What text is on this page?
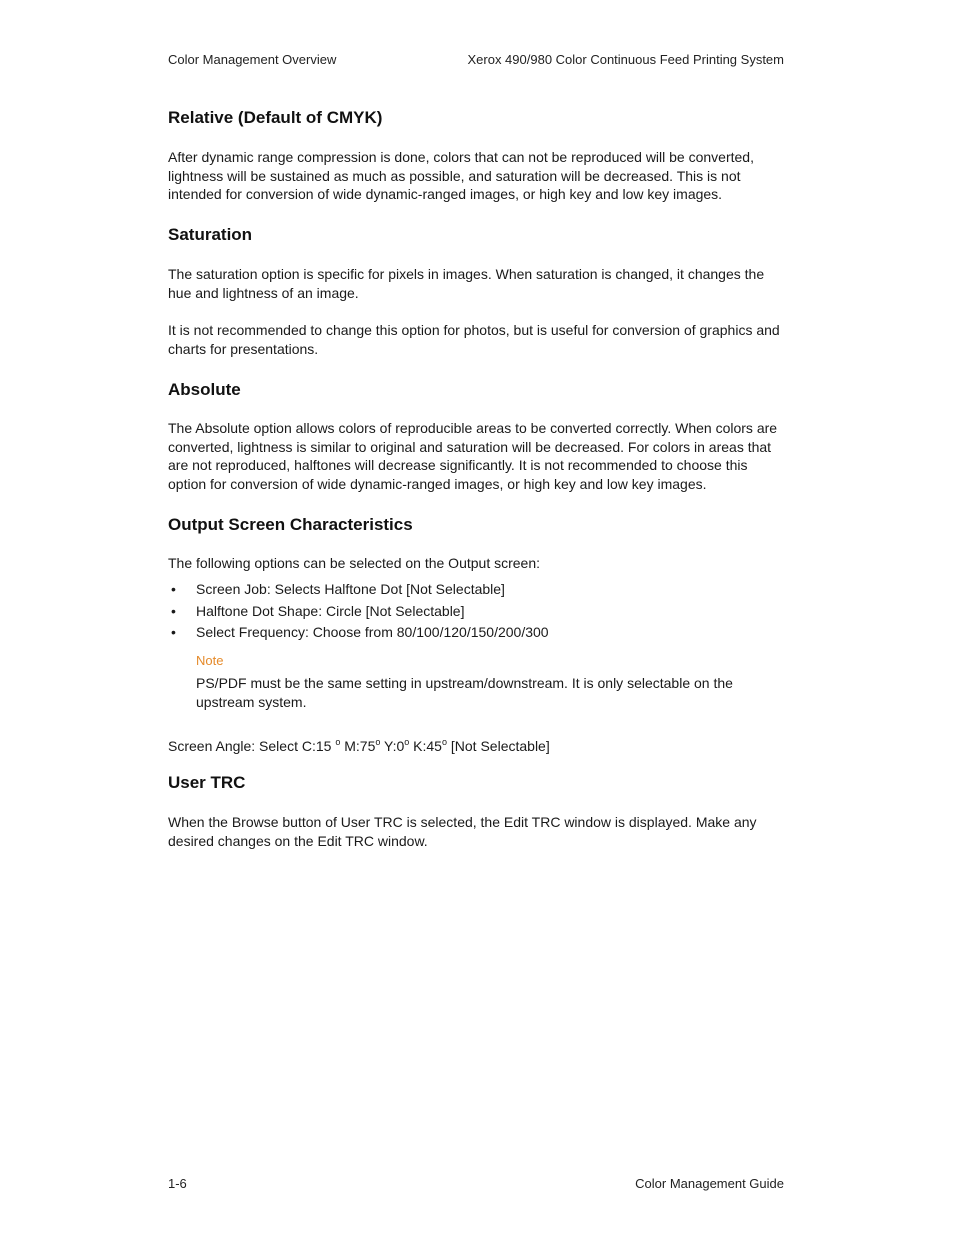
Color Management Overview	Xerox 490/980 Color Continuous Feed Printing System
Relative (Default of CMYK)

After dynamic range compression is done, colors that can not be reproduced will be converted, lightness will be sustained as much as possible, and saturation will be decreased. This is not intended for conversion of wide dynamic-ranged images, or high key and low key images.

Saturation

The saturation option is specific for pixels in images. When saturation is changed, it changes the hue and lightness of an image.

It is not recommended to change this option for photos, but is useful for conversion of graphics and charts for presentations.

Absolute

The Absolute option allows colors of reproducible areas to be converted correctly. When colors are converted, lightness is similar to original and saturation will be decreased. For colors in areas that are not reproduced, halftones will decrease significantly. It is not recommended to choose this option for conversion of wide dynamic-ranged images, or high key and low key images.

Output Screen Characteristics

The following options can be selected on the Output screen:

• Screen Job: Selects Halftone Dot [Not Selectable]
• Halftone Dot Shape: Circle [Not Selectable]
• Select Frequency: Choose from 80/100/120/150/200/300
Note

PS/PDF must be the same setting in upstream/downstream. It is only selectable on the upstream system.

Screen Angle: Select C:15 $^o$ M:75$^o$ Y:0$^o$ K:45$^o$ [Not Selectable]

User TRC

When the Browse button of User TRC is selected, the Edit TRC window is displayed. Make any desired changes on the Edit TRC window.

1-6	Color Management Guide
